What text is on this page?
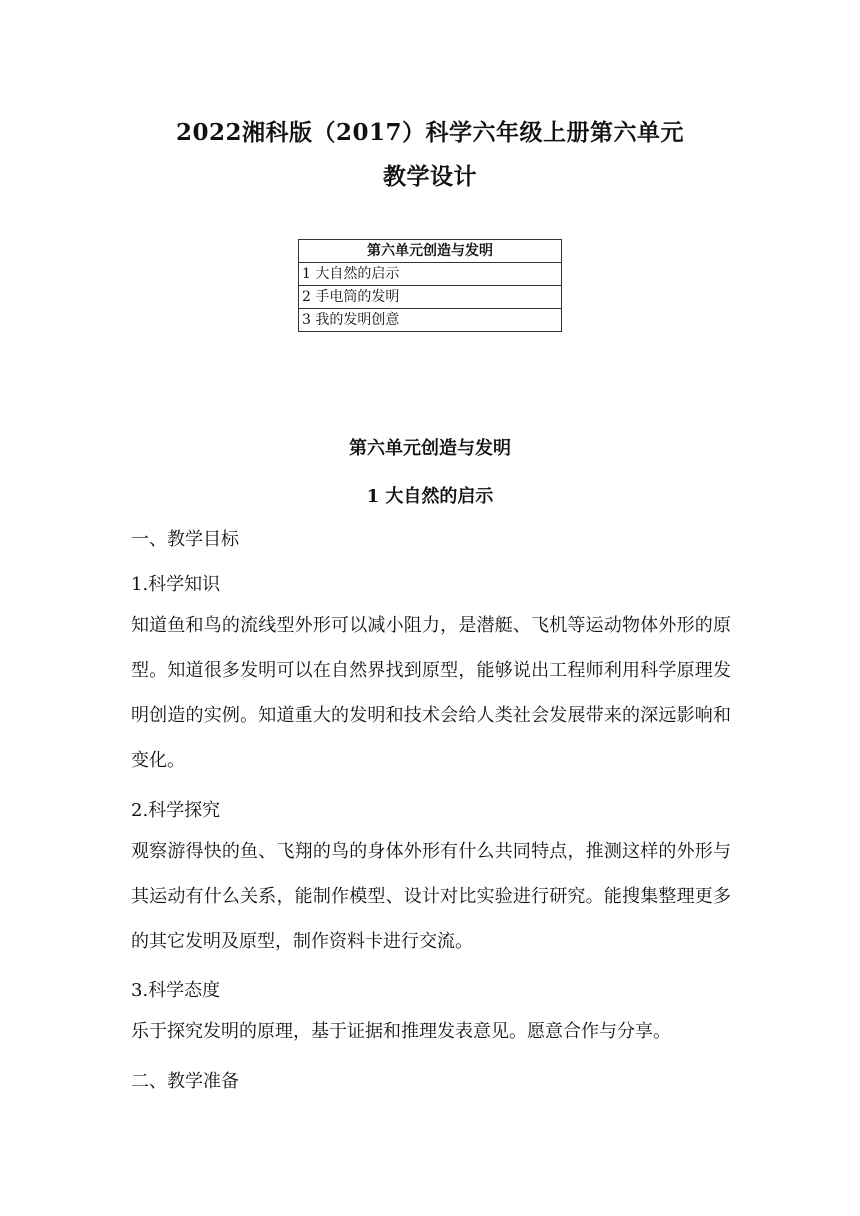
2022湘科版（2017）科学六年级上册第六单元
教学设计
第六单元创造与发明
1 大自然的启示
2 手电筒的发明
3 我的发明创意
第六单元创造与发明
1 大自然的启示
一、教学目标
1.科学知识
知道鱼和鸟的流线型外形可以减小阻力，是潜艇、飞机等运动物体外形的原型。知道很多发明可以在自然界找到原型，能够说出工程师利用科学原理发明创造的实例。知道重大的发明和技术会给人类社会发展带来的深远影响和变化。
2.科学探究
观察游得快的鱼、飞翔的鸟的身体外形有什么共同特点，推测这样的外形与其运动有什么关系，能制作模型、设计对比实验进行研究。能搜集整理更多的其它发明及原型，制作资料卡进行交流。
3.科学态度
乐于探究发明的原理，基于证据和推理发表意见。愿意合作与分享。
二、教学准备
